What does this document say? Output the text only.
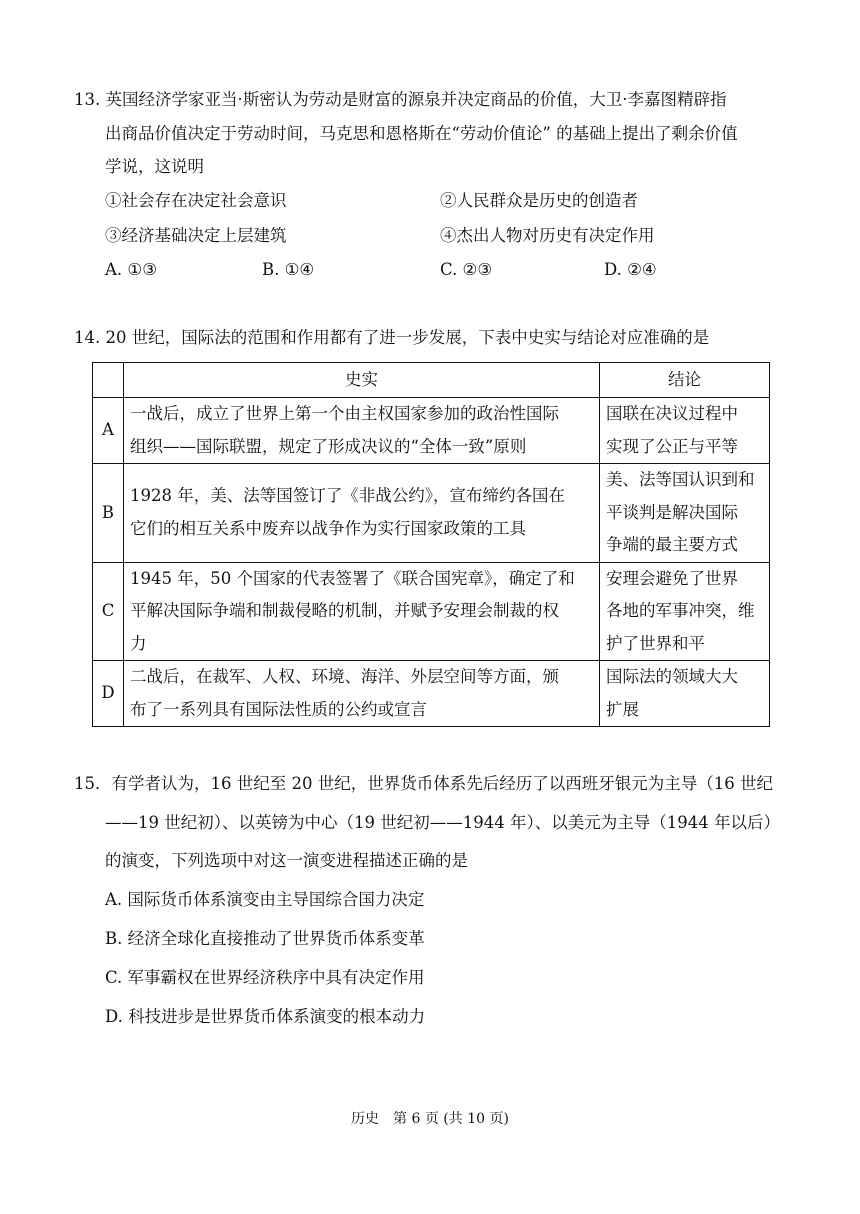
13. 英国经济学家亚当·斯密认为劳动是财富的源泉并决定商品的价值，大卫·李嘉图精辟指
出商品价值决定于劳动时间，马克思和恩格斯在“劳动价值论” 的基础上提出了剩余价值
学说，这说明
①社会存在决定社会意识	②人民群众是历史的创造者
③经济基础决定上层建筑	④杰出人物对历史有决定作用
A. ①③	B. ①④	C. ②③	D. ②④
14. 20 世纪，国际法的范围和作用都有了进一步发展，下表中史实与结论对应准确的是
	史实	结论
A	一战后，成立了世界上第一个由主权国家参加的政治性国际
组织——国际联盟，规定了形成决议的“全体一致”原则	国联在决议过程中
实现了公正与平等

B	1928 年，美、法等国签订了《非战公约》，宣布缔约各国在
它们的相互关系中废弃以战争作为实行国家政策的工具	美、法等国认识到和
平谈判是解决国际
争端的最主要方式

C	1945 年，50 个国家的代表签署了《联合国宪章》，确定了和
平解决国际争端和制裁侵略的机制，并赋予安理会制裁的权
力	安理会避免了世界
各地的军事冲突，维
护了世界和平

D	二战后，在裁军、人权、环境、海洋、外层空间等方面，颁
布了一系列具有国际法性质的公约或宣言	国际法的领域大大
扩展
15．有学者认为，16 世纪至 20 世纪，世界货币体系先后经历了以西班牙银元为主导（16 世纪
——19 世纪初）、以英镑为中心（19 世纪初——1944 年）、以美元为主导（1944 年以后）
的演变，下列选项中对这一演变进程描述正确的是
A. 国际货币体系演变由主导国综合国力决定
B. 经济全球化直接推动了世界货币体系变革
C. 军事霸权在世界经济秩序中具有决定作用
D. 科技进步是世界货币体系演变的根本动力
历史　第 6 页 (共 10 页)
